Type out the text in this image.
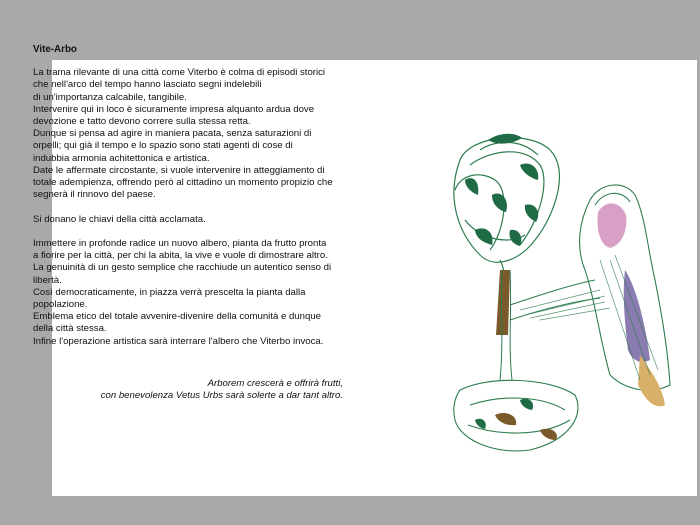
Vite-Arbo

La trama rilevante di una città come Viterbo è colma di episodi storici

che nell'arco del tempo hanno lasciato segni indelebili

di un'importanza calcabile, tangibile.

Intervenire qui in loco è sicuramente impresa alquanto ardua dove

devozione e tatto devono correre sulla stessa retta.

Dunque si pensa ad agire in maniera pacata, senza saturazioni di

orpelli; qui già il tempo e lo spazio sono stati agenti di cose di

indubbia armonia achitettonica e artistica.

Date le affermate circostante, si vuole intervenire in atteggiamento di

totale adempienza, offrendo però al cittadino un momento propizio che

segnerà il rinnovo del paese.

Si donano le chiavi della città acclamata.

Immettere in profonde radice un nuovo albero, pianta da frutto pronta

a fiorire per la città, per chi la abita, la vive e vuole di dimostrare altro.

La genuinità di un gesto semplice che racchiude un autentico senso di

libertà.

Così democraticamente, in piazza verrà prescelta la pianta dalla

popolazione.

Emblema etico del totale avvenire-divenire della comunità e dunque

della città stessa.

Infine l'operazione artistica sarà interrare l'albero che Viterbo invoca.

Arborem crescerà e offrirà frutti,

con benevolenza Vetus Urbs sarà solerte a dar tant altro.
